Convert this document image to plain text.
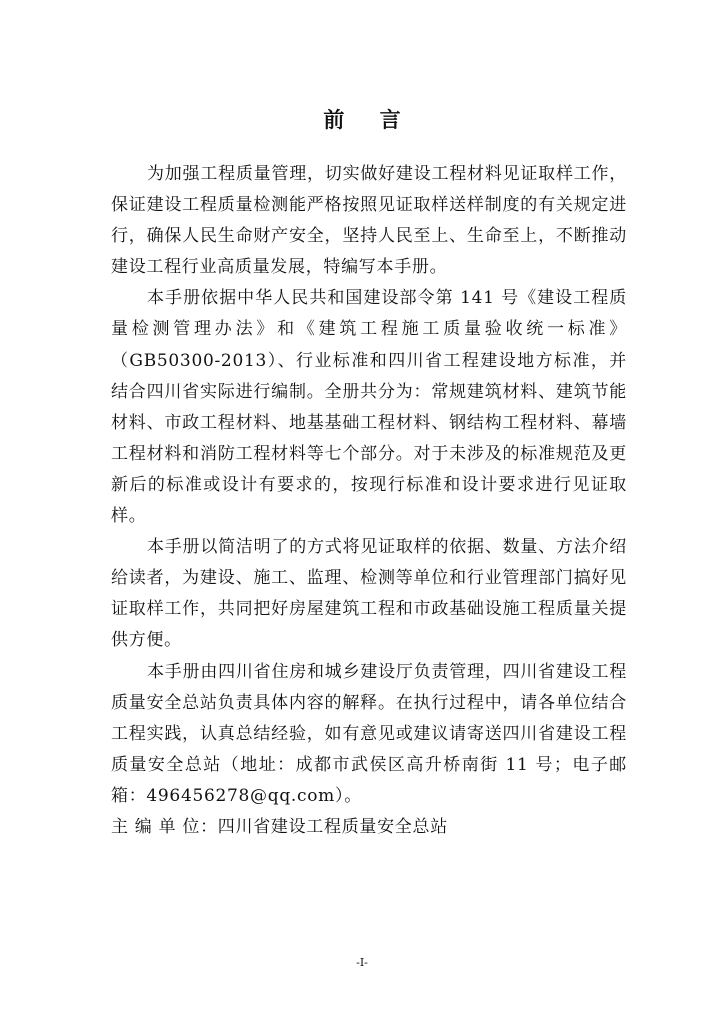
前 言

为加强工程质量管理，切实做好建设工程材料见证取样工作，保证建设工程质量检测能严格按照见证取样送样制度的有关规定进行，确保人民生命财产安全，坚持人民至上、生命至上，不断推动建设工程行业高质量发展，特编写本手册。

本手册依据中华人民共和国建设部令第 141 号《建设工程质量检测管理办法》和《建筑工程施工质量验收统一标准》（GB50300-2013）、行业标准和四川省工程建设地方标准，并结合四川省实际进行编制。全册共分为：常规建筑材料、建筑节能材料、市政工程材料、地基基础工程材料、钢结构工程材料、幕墙工程材料和消防工程材料等七个部分。对于未涉及的标准规范及更新后的标准或设计有要求的，按现行标准和设计要求进行见证取样。

本手册以简洁明了的方式将见证取样的依据、数量、方法介绍给读者，为建设、施工、监理、检测等单位和行业管理部门搞好见证取样工作，共同把好房屋建筑工程和市政基础设施工程质量关提供方便。

本手册由四川省住房和城乡建设厅负责管理，四川省建设工程质量安全总站负责具体内容的解释。在执行过程中，请各单位结合工程实践，认真总结经验，如有意见或建议请寄送四川省建设工程质量安全总站（地址：成都市武侯区高升桥南街 11 号；电子邮箱：496456278@qq.com）。

主 编 单 位：四川省建设工程质量安全总站

-I-
